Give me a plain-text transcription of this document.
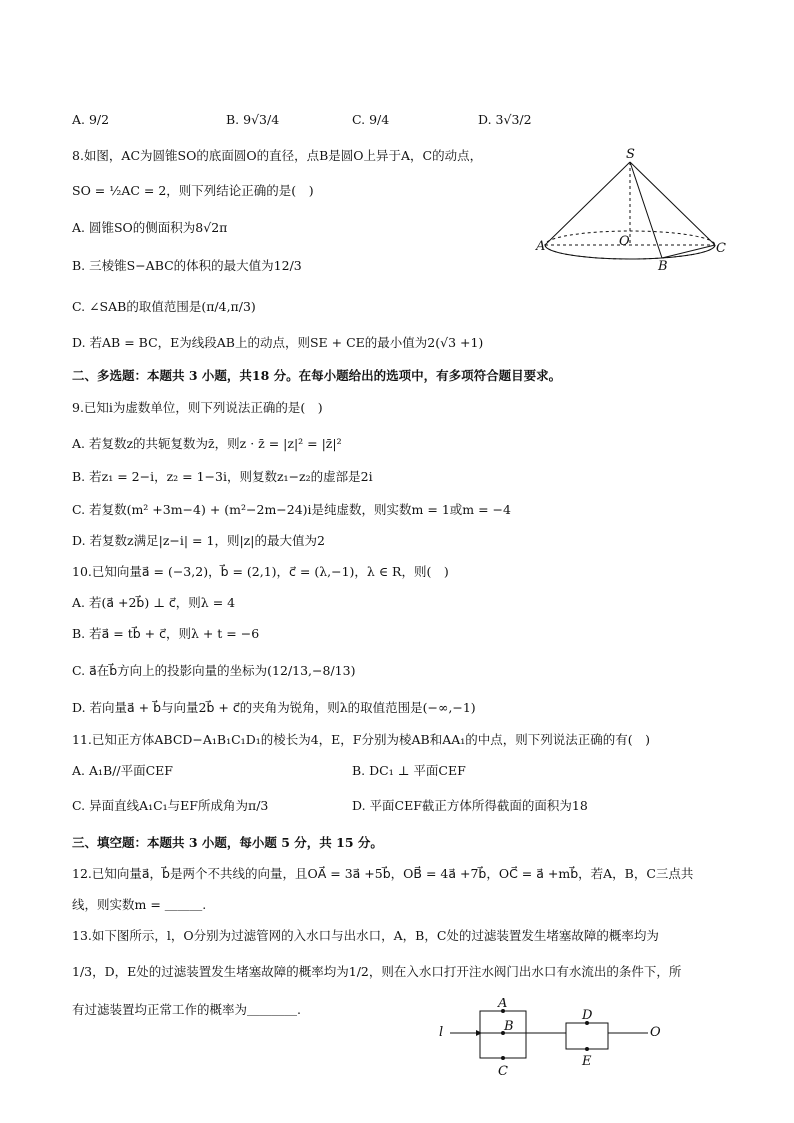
A. 9/2	B. 9√3/4	C. 9/4	D. 3√3/2
8.如图，AC为圆锥SO的底面圆O的直径，点B是圆O上异于A，C的动点，
SO = ½AC = 2，则下列结论正确的是(　)
A. 圆锥SO的侧面积为8√2π
B. 三棱锥S−ABC的体积的最大值为12/3
C. ∠SAB的取值范围是(π/4,π/3)
D. 若AB = BC，E为线段AB上的动点，则SE + CE的最小值为2(√3 +1)
S
O
A
B
C
二、多选题：本题共 3 小题，共18 分。在每小题给出的选项中，有多项符合题目要求。
9.已知i为虚数单位，则下列说法正确的是(　)
A. 若复数z的共轭复数为z̄，则z · z̄ = |z|² = |z̄|²
B. 若z₁ = 2−i，z₂ = 1−3i，则复数z₁−z₂的虚部是2i
C. 若复数(m² +3m−4) + (m²−2m−24)i是纯虚数，则实数m = 1或m = −4
D. 若复数z满足|z−i| = 1，则|z|的最大值为2
10.已知向量a⃗ = (−3,2)，b⃗ = (2,1)，c⃗ = (λ,−1)，λ ∈ R，则(　)
A. 若(a⃗ +2b⃗) ⊥ c⃗，则λ = 4
B. 若a⃗ = tb⃗ + c⃗，则λ + t = −6
C. a⃗在b⃗方向上的投影向量的坐标为(12/13,−8/13)
D. 若向量a⃗ + b⃗与向量2b⃗ + c⃗的夹角为锐角，则λ的取值范围是(−∞,−1)
11.已知正方体ABCD−A₁B₁C₁D₁的棱长为4，E，F分别为棱AB和AA₁的中点，则下列说法正确的有(　)
A. A₁B//平面CEF	B. DC₁ ⊥ 平面CEF
C. 异面直线A₁C₁与EF所成角为π/3	D. 平面CEF截正方体所得截面的面积为18
三、填空题：本题共 3 小题，每小题 5 分，共 15 分。
12.已知向量a⃗，b⃗是两个不共线的向量，且OA⃗ = 3a⃗ +5b⃗，OB⃗ = 4a⃗ +7b⃗，OC⃗ = a⃗ +mb⃗，若A，B，C三点共
线，则实数m = ＿＿＿.
13.如下图所示，l，O分别为过滤管网的入水口与出水口，A，B，C处的过滤装置发生堵塞故障的概率均为
1/3，D，E处的过滤装置发生堵塞故障的概率均为1/2，则在入水口打开注水阀门出水口有水流出的条件下，所
有过滤装置均正常工作的概率为＿＿＿＿.
l
A
B
C
D
E
O
